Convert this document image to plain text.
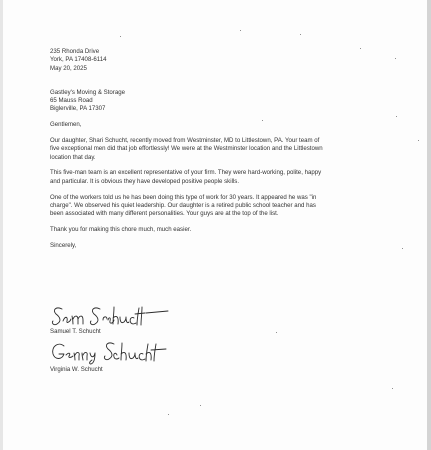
235 Rhonda Drive
York, PA 17408-6114
May 20, 2025
Gastley's Moving & Storage
65 Mauss Road
Biglerville, PA 17307
Gentlemen,
Our daughter, Shari Schucht, recently moved from Westminster, MD to Littlestown, PA. Your team of
five exceptional men did that job effortlessly! We were at the Westminster location and the Littlestown
location that day.
This five-man team is an excellent representative of your firm. They were hard-working, polite, happy
and particular. It is obvious they have developed positive people skills.
One of the workers told us he has been doing this type of work for 30 years. It appeared he was "in
charge". We observed his quiet leadership. Our daughter is a retired public school teacher and has
been associated with many different personalities. Your guys are at the top of the list.
Thank you for making this chore much, much easier.
Sincerely,
Samuel T. Schucht
Virginia W. Schucht
